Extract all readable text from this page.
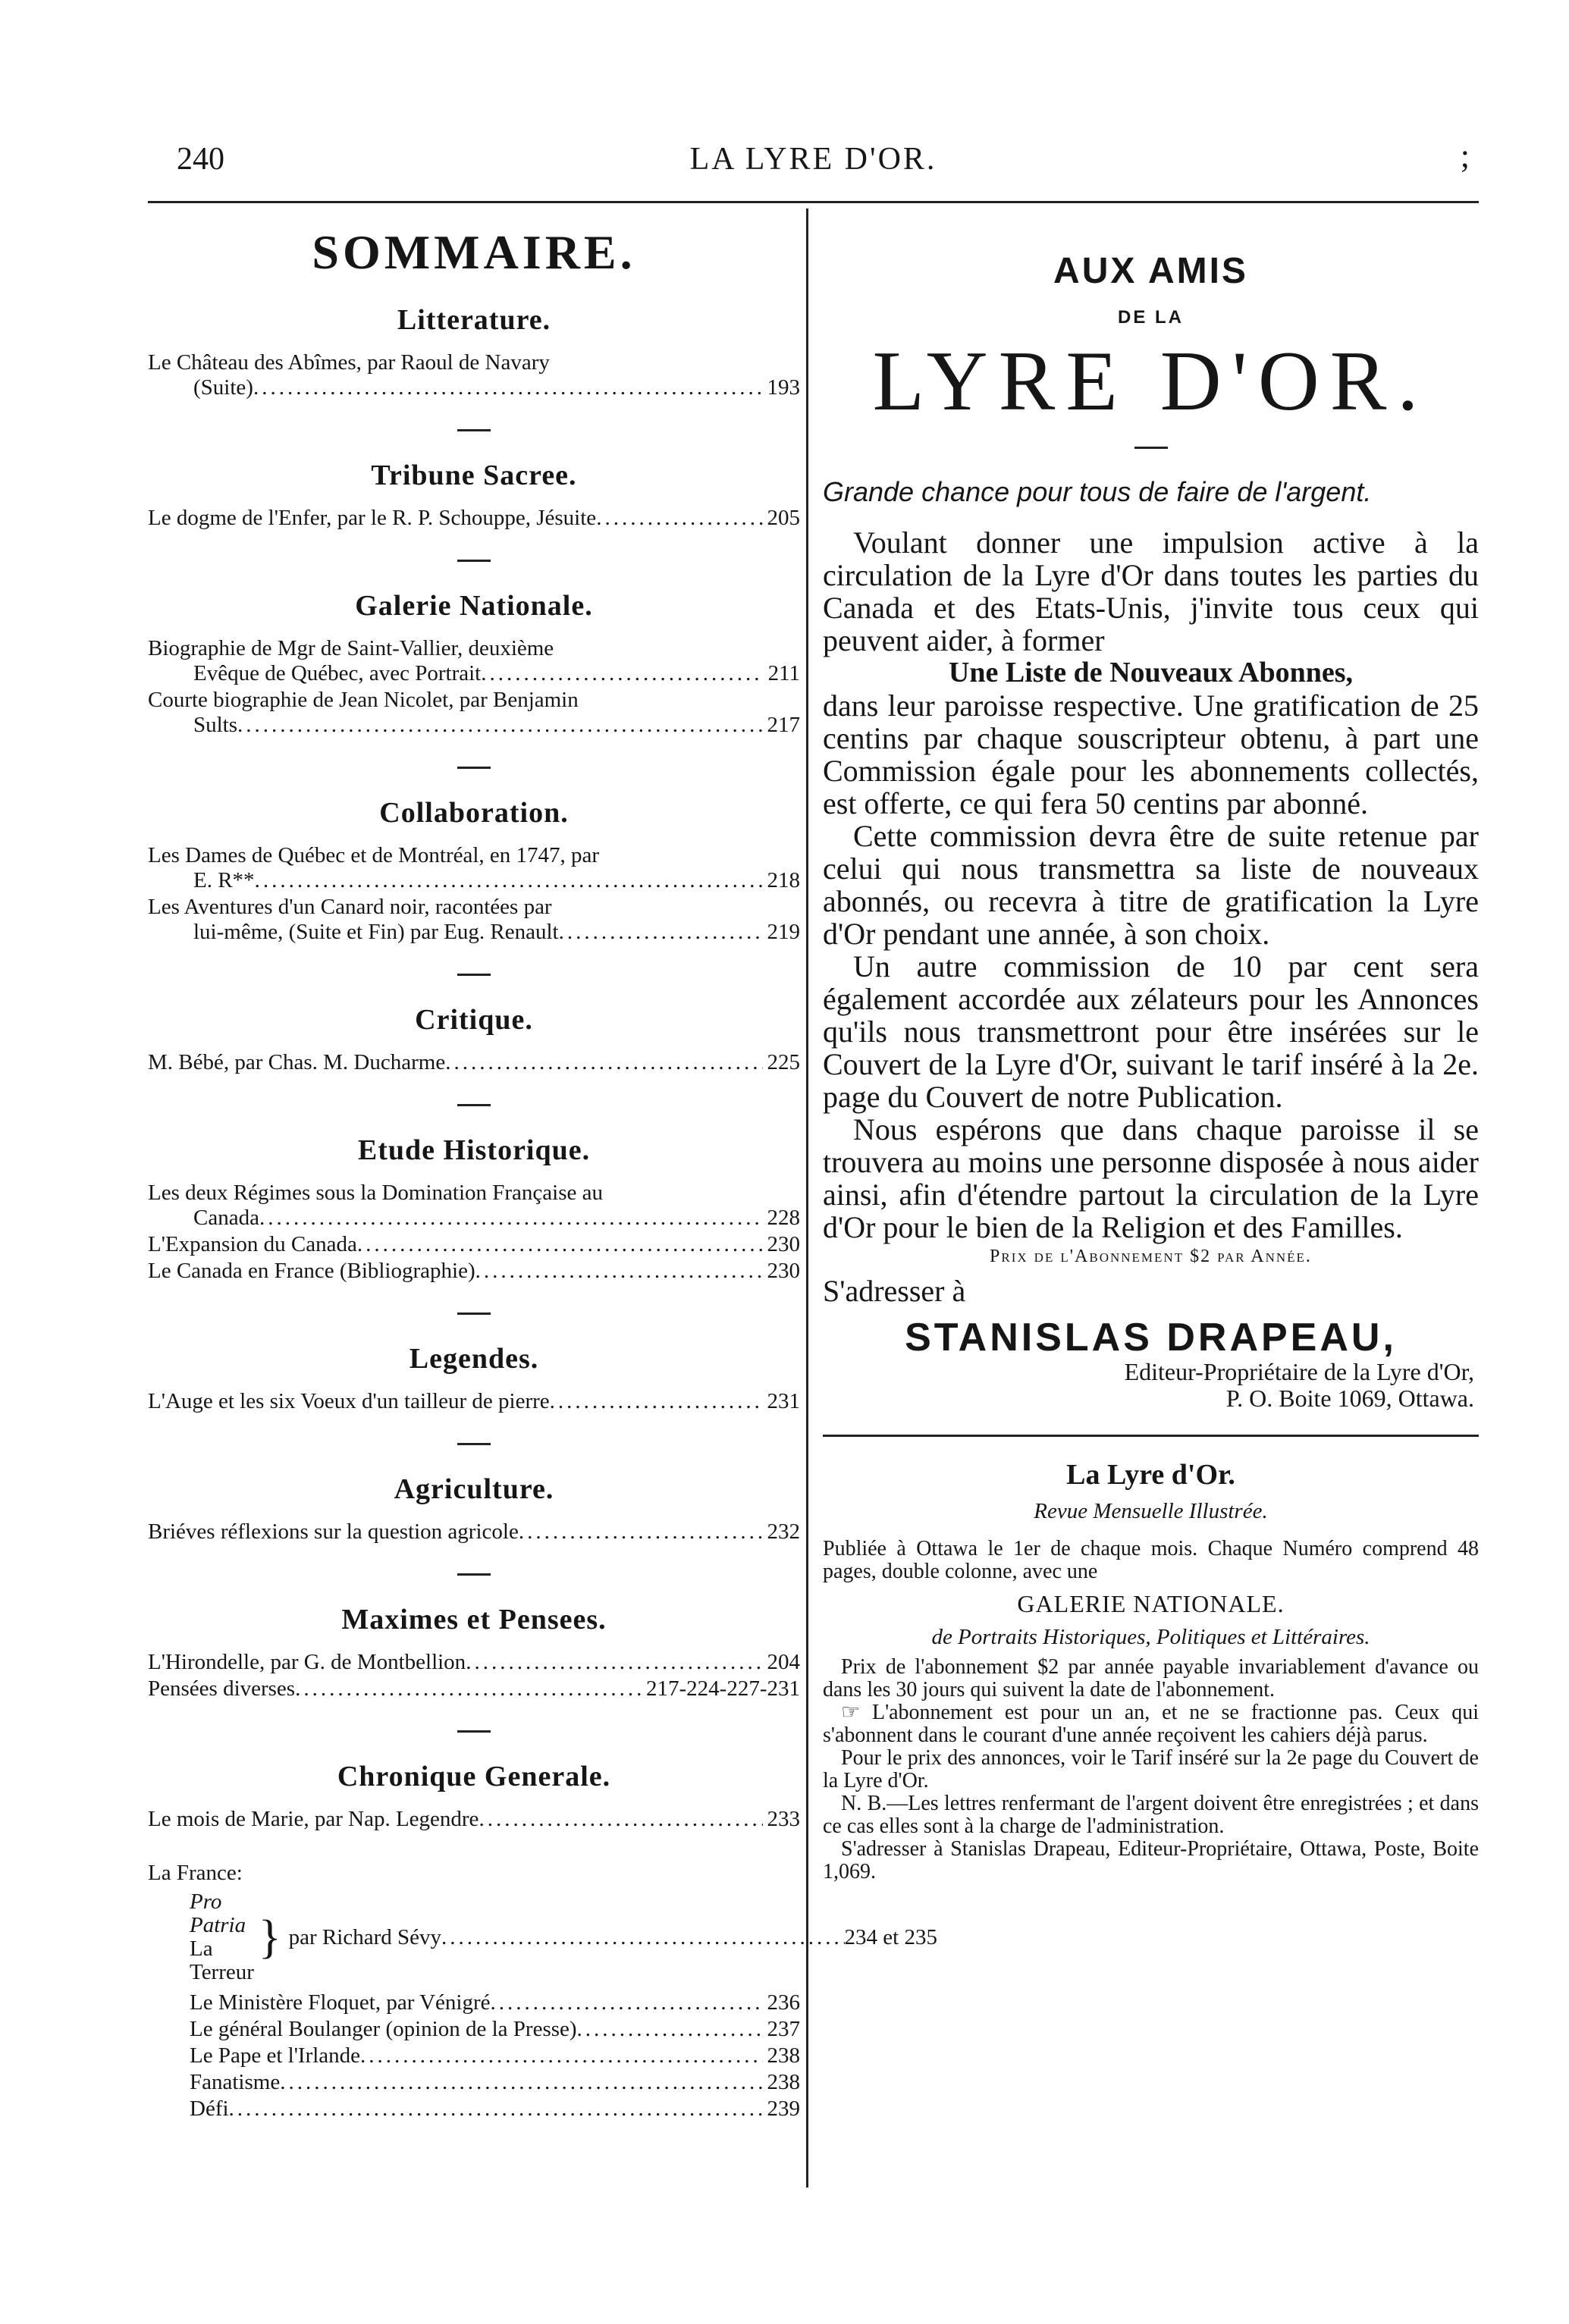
240	LA LYRE D'OR.	;
SOMMAIRE.
Litterature.
Le Château des Abîmes, par Raoul de Navary
(Suite) .....	193
Tribune Sacree.
Le dogme de l'Enfer, par le R. P. Schouppe, Jésuite .....	205
Galerie Nationale.
Biographie de Mgr de Saint-Vallier, deuxième
Evêque de Québec, avec Portrait .....	211
Courte biographie de Jean Nicolet, par Benjamin
Sults .....	217
Collaboration.
Les Dames de Québec et de Montréal, en 1747, par
E. R** .....	218
Les Aventures d'un Canard noir, racontées par
lui-même, (Suite et Fin) par Eug. Renault .....	219
Critique.
M. Bébé, par Chas. M. Ducharme .....	225
Etude Historique.
Les deux Régimes sous la Domination Française au
Canada .....	228
L'Expansion du Canada .....	230
Le Canada en France (Bibliographie) .....	230
Legendes.
L'Auge et les six Voeux d'un tailleur de pierre .....	231
Agriculture.
Briéves réflexions sur la question agricole .....	232
Maximes et Pensees.
L'Hirondelle, par G. de Montbellion .....	204
Pensées diverses .....	217-224-227-231
Chronique Generale.
Le mois de Marie, par Nap. Legendre .....	233
La France:
Pro Patria
La Terreur
} par Richard Sévy .....	234 et 235
Le Ministère Floquet, par Vénigré .....	236
Le général Boulanger (opinion de la Presse) .....	237
Le Pape et l'Irlande .....	238
Fanatisme .....	238
Défi .....	239
AUX AMIS
DE LA
LYRE D'OR.
Grande chance pour tous de faire de l'argent.

Voulant donner une impulsion active à la circulation de la Lyre d'Or dans toutes les parties du Canada et des Etats-Unis, j'invite tous ceux qui peuvent aider, à former

Une Liste de Nouveaux Abonnes,

dans leur paroisse respective. Une gratification de 25 centins par chaque souscripteur obtenu, à part une Commission égale pour les abonnements collectés, est offerte, ce qui fera 50 centins par abonné.

Cette commission devra être de suite retenue par celui qui nous transmettra sa liste de nouveaux abonnés, ou recevra à titre de gratification la Lyre d'Or pendant une année, à son choix.

Un autre commission de 10 par cent sera également accordée aux zélateurs pour les Annonces qu'ils nous transmettront pour être insérées sur le Couvert de la Lyre d'Or, suivant le tarif inséré à la 2e. page du Couvert de notre Publication.

Nous espérons que dans chaque paroisse il se trouvera au moins une personne disposée à nous aider ainsi, afin d'étendre partout la circulation de la Lyre d'Or pour le bien de la Religion et des Familles.

Prix de l'Abonnement $2 par Année.
S'adresser à
STANISLAS DRAPEAU,
Editeur-Propriétaire de la Lyre d'Or,
P. O. Boite 1069, Ottawa.
La Lyre d'Or.
Revue Mensuelle Illustrée.

Publiée à Ottawa le 1er de chaque mois. Chaque Numéro comprend 48 pages, double colonne, avec une

GALERIE NATIONALE.
de Portraits Historiques, Politiques et Littéraires.

Prix de l'abonnement $2 par année payable invariablement d'avance ou dans les 30 jours qui suivent la date de l'abonnement.

☞ L'abonnement est pour un an, et ne se fractionne pas. Ceux qui s'abonnent dans le courant d'une année reçoivent les cahiers déjà parus.

Pour le prix des annonces, voir le Tarif inséré sur la 2e page du Couvert de la Lyre d'Or.

N. B.—Les lettres renfermant de l'argent doivent être enregistrées ; et dans ce cas elles sont à la charge de l'administration.

S'adresser à Stanislas Drapeau, Editeur-Propriétaire, Ottawa, Poste, Boite 1,069.
